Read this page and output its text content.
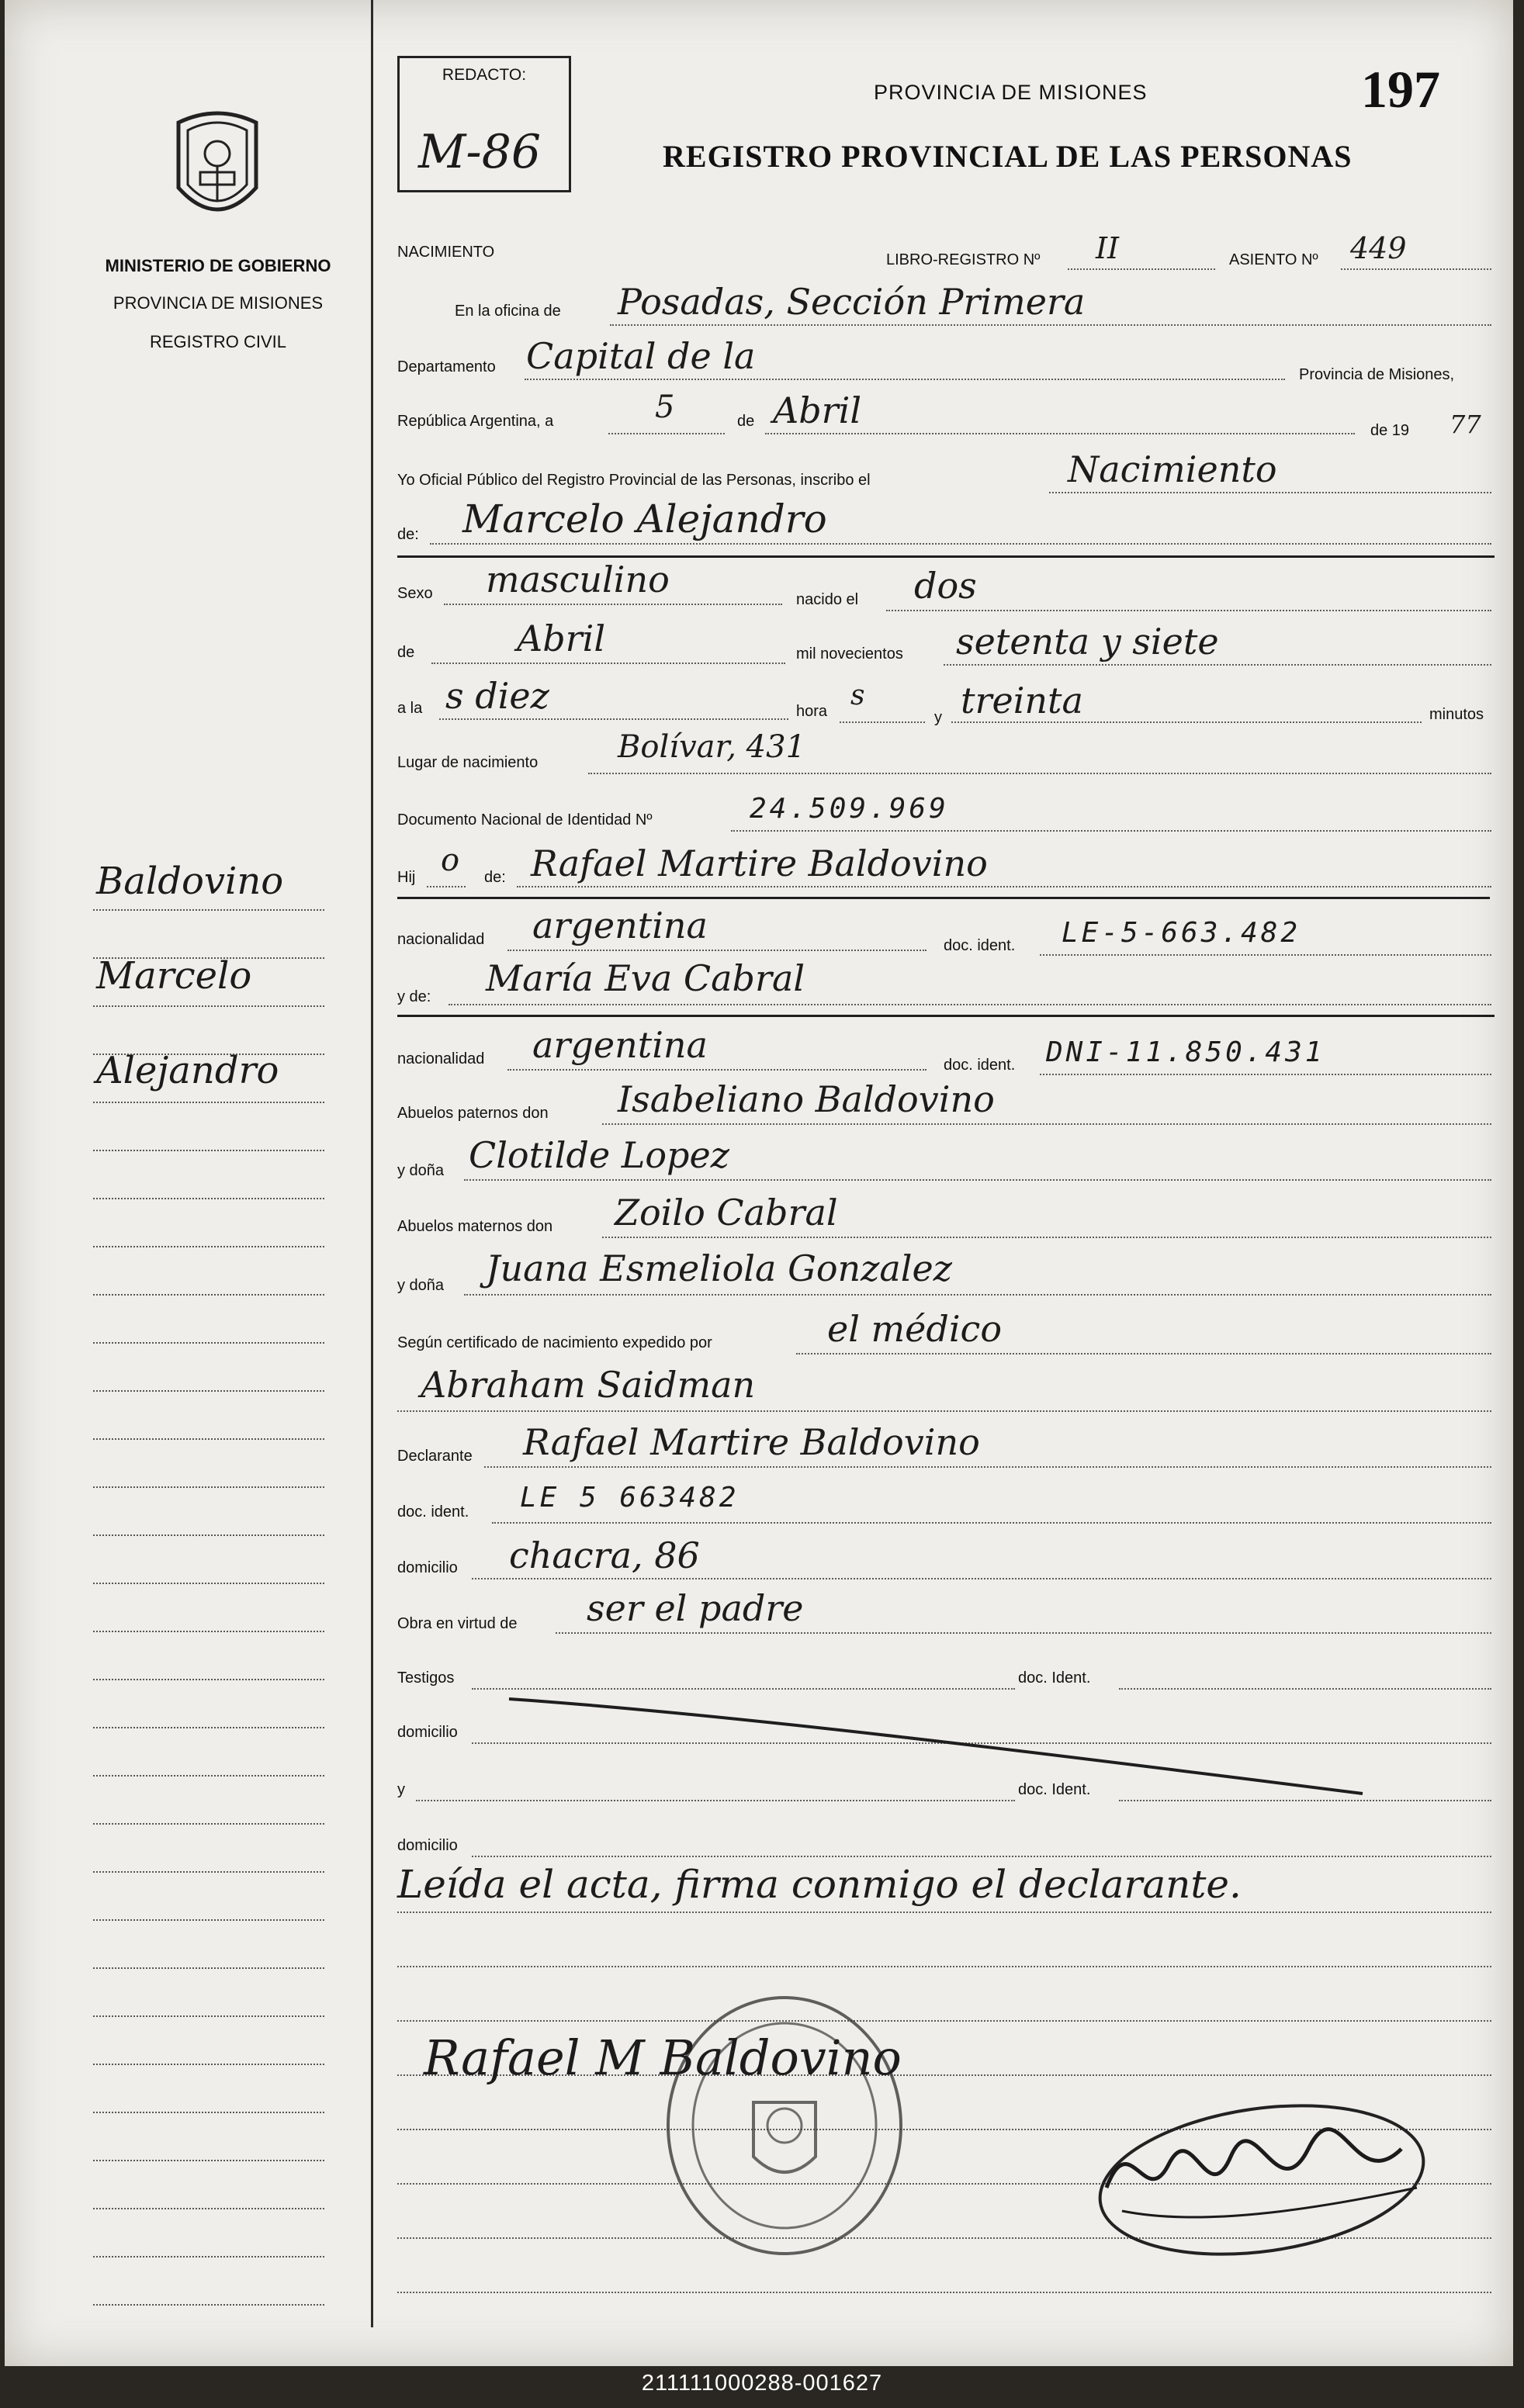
MINISTERIO DE GOBIERNO
PROVINCIA DE MISIONES
REGISTRO CIVIL
Baldovino
Marcelo
Alejandro
REDACTO:
M-86
PROVINCIA DE MISIONES
REGISTRO PROVINCIAL DE LAS PERSONAS
197
NACIMIENTO	LIBRO-REGISTRO Nº II	ASIENTO Nº 449
En la oficina de Posadas, Sección Primera
Departamento Capital de la	Provincia de Misiones,
República Argentina, a	5	de Abril	de 19 77
Yo Oficial Público del Registro Provincial de las Personas, inscribo el	Nacimiento
de: Marcelo Alejandro
Sexo masculino	nacido el dos
de	Abril	mil novecientos setenta y siete
a la s diez	hora s
y treinta	minutos
Lugar de nacimiento	Bolívar, 431
Documento Nacional de Identidad Nº	24.509.969
Hij o de: Rafael Martire Baldovino
nacionalidad argentina	doc. ident. LE-5-663.482
y de: María Eva Cabral
nacionalidad argentina	doc. ident. DNI-11.850.431
Abuelos paternos don Isabeliano Baldovino
y doña Clotilde Lopez
Abuelos maternos don Zoilo Cabral
y doña Juana Esmeliola Gonzalez
Según certificado de nacimiento expedido por	el médico
Abraham Saidman
Declarante Rafael Martire Baldovino
doc. ident. LE 5 663482
domicilio chacra, 86
Obra en virtud de ser el padre
Testigos	doc. Ident.
domicilio
y	doc. Ident.
domicilio
Leída el acta, firma conmigo el declarante.
Rafael M Baldovino
211111000288-001627
